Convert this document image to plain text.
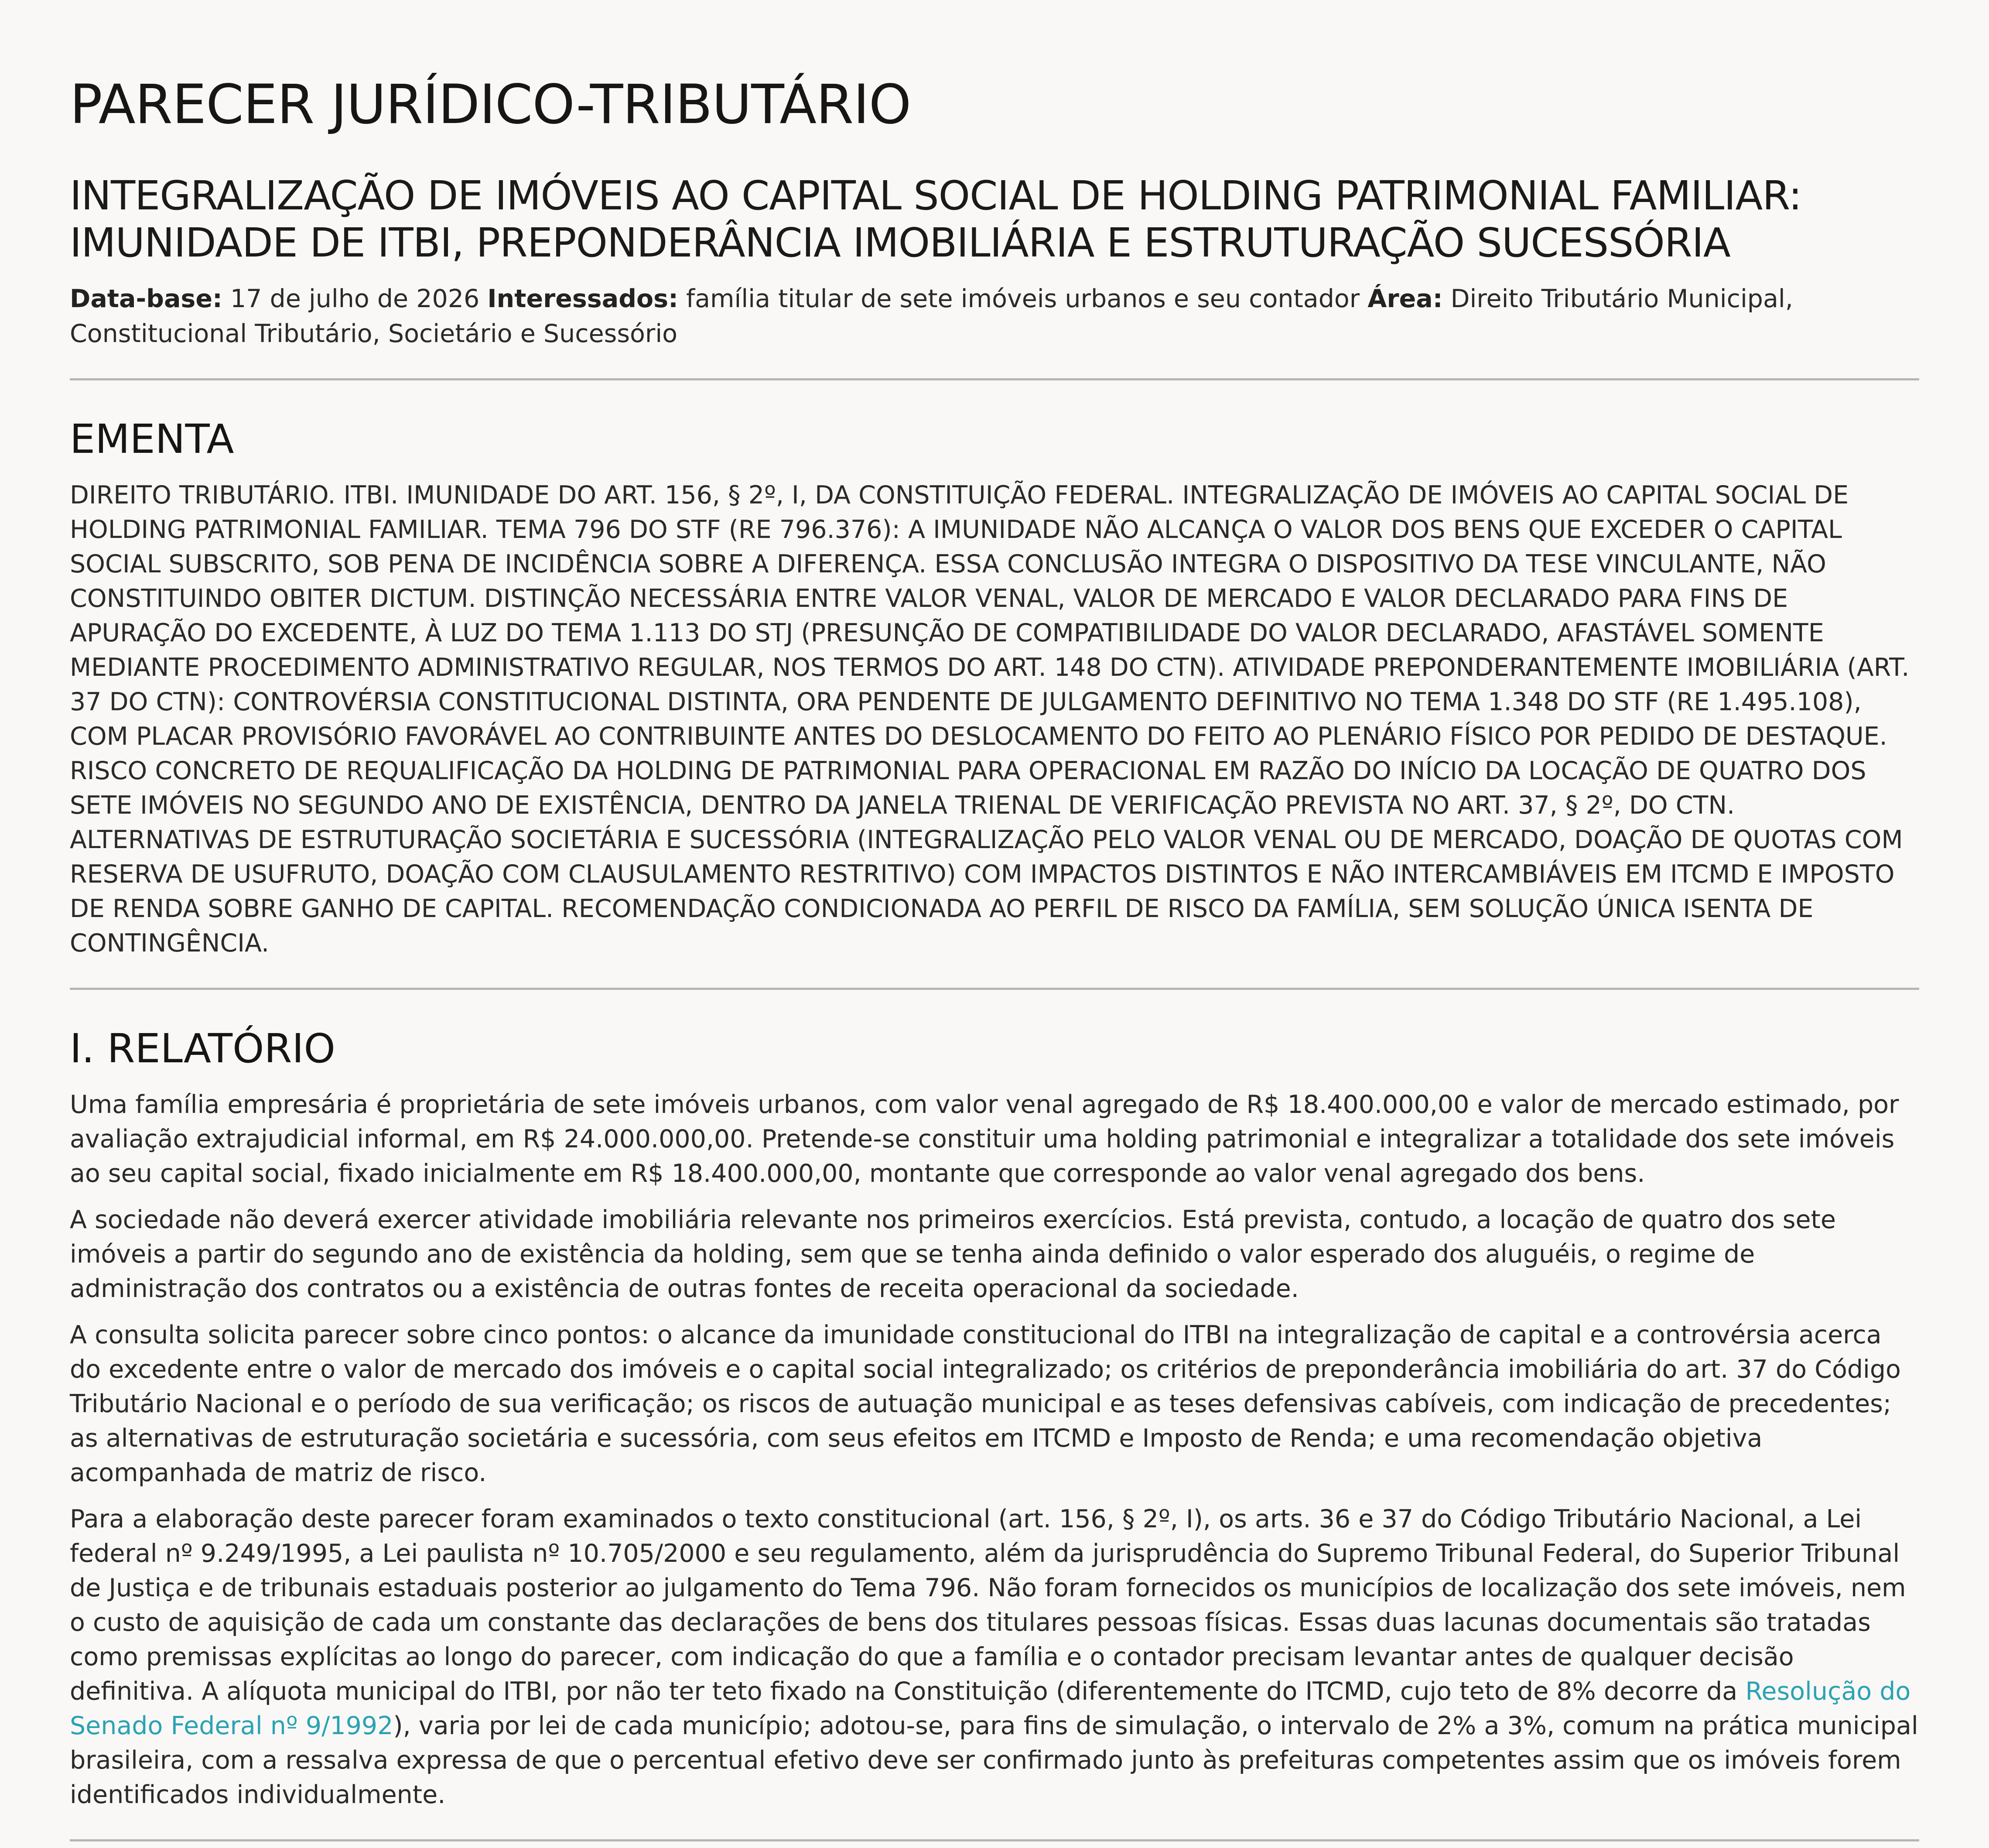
PARECER JURÍDICO-TRIBUTÁRIO
INTEGRALIZAÇÃO DE IMÓVEIS AO CAPITAL SOCIAL DE HOLDING PATRIMONIAL FAMILIAR:
IMUNIDADE DE ITBI, PREPONDERÂNCIA IMOBILIÁRIA E ESTRUTURAÇÃO SUCESSÓRIA

Data-base: 17 de julho de 2026 Interessados: família titular de sete imóveis urbanos e seu contador Área: Direito Tributário Municipal, Constitucional Tributário, Societário e Sucessório

EMENTA

DIREITO TRIBUTÁRIO. ITBI. IMUNIDADE DO ART. 156, § 2º, I, DA CONSTITUIÇÃO FEDERAL. INTEGRALIZAÇÃO DE IMÓVEIS AO CAPITAL SOCIAL DE HOLDING PATRIMONIAL FAMILIAR. TEMA 796 DO STF (RE 796.376): A IMUNIDADE NÃO ALCANÇA O VALOR DOS BENS QUE EXCEDER O CAPITAL SOCIAL SUBSCRITO, SOB PENA DE INCIDÊNCIA SOBRE A DIFERENÇA. ESSA CONCLUSÃO INTEGRA O DISPOSITIVO DA TESE VINCULANTE, NÃO CONSTITUINDO OBITER DICTUM. DISTINÇÃO NECESSÁRIA ENTRE VALOR VENAL, VALOR DE MERCADO E VALOR DECLARADO PARA FINS DE APURAÇÃO DO EXCEDENTE, À LUZ DO TEMA 1.113 DO STJ (PRESUNÇÃO DE COMPATIBILIDADE DO VALOR DECLARADO, AFASTÁVEL SOMENTE MEDIANTE PROCEDIMENTO ADMINISTRATIVO REGULAR, NOS TERMOS DO ART. 148 DO CTN). ATIVIDADE PREPONDERANTEMENTE IMOBILIÁRIA (ART. 37 DO CTN): CONTROVÉRSIA CONSTITUCIONAL DISTINTA, ORA PENDENTE DE JULGAMENTO DEFINITIVO NO TEMA 1.348 DO STF (RE 1.495.108), COM PLACAR PROVISÓRIO FAVORÁVEL AO CONTRIBUINTE ANTES DO DESLOCAMENTO DO FEITO AO PLENÁRIO FÍSICO POR PEDIDO DE DESTAQUE. RISCO CONCRETO DE REQUALIFICAÇÃO DA HOLDING DE PATRIMONIAL PARA OPERACIONAL EM RAZÃO DO INÍCIO DA LOCAÇÃO DE QUATRO DOS SETE IMÓVEIS NO SEGUNDO ANO DE EXISTÊNCIA, DENTRO DA JANELA TRIENAL DE VERIFICAÇÃO PREVISTA NO ART. 37, § 2º, DO CTN. ALTERNATIVAS DE ESTRUTURAÇÃO SOCIETÁRIA E SUCESSÓRIA (INTEGRALIZAÇÃO PELO VALOR VENAL OU DE MERCADO, DOAÇÃO DE QUOTAS COM RESERVA DE USUFRUTO, DOAÇÃO COM CLAUSULAMENTO RESTRITIVO) COM IMPACTOS DISTINTOS E NÃO INTERCAMBIÁVEIS EM ITCMD E IMPOSTO DE RENDA SOBRE GANHO DE CAPITAL. RECOMENDAÇÃO CONDICIONADA AO PERFIL DE RISCO DA FAMÍLIA, SEM SOLUÇÃO ÚNICA ISENTA DE CONTINGÊNCIA.

I. RELATÓRIO

Uma família empresária é proprietária de sete imóveis urbanos, com valor venal agregado de R$ 18.400.000,00 e valor de mercado estimado, por avaliação extrajudicial informal, em R$ 24.000.000,00. Pretende-se constituir uma holding patrimonial e integralizar a totalidade dos sete imóveis ao seu capital social, fixado inicialmente em R$ 18.400.000,00, montante que corresponde ao valor venal agregado dos bens.

A sociedade não deverá exercer atividade imobiliária relevante nos primeiros exercícios. Está prevista, contudo, a locação de quatro dos sete imóveis a partir do segundo ano de existência da holding, sem que se tenha ainda definido o valor esperado dos aluguéis, o regime de administração dos contratos ou a existência de outras fontes de receita operacional da sociedade.

A consulta solicita parecer sobre cinco pontos: o alcance da imunidade constitucional do ITBI na integralização de capital e a controvérsia acerca do excedente entre o valor de mercado dos imóveis e o capital social integralizado; os critérios de preponderância imobiliária do art. 37 do Código Tributário Nacional e o período de sua verificação; os riscos de autuação municipal e as teses defensivas cabíveis, com indicação de precedentes; as alternativas de estruturação societária e sucessória, com seus efeitos em ITCMD e Imposto de Renda; e uma recomendação objetiva acompanhada de matriz de risco.

Para a elaboração deste parecer foram examinados o texto constitucional (art. 156, § 2º, I), os arts. 36 e 37 do Código Tributário Nacional, a Lei federal nº 9.249/1995, a Lei paulista nº 10.705/2000 e seu regulamento, além da jurisprudência do Supremo Tribunal Federal, do Superior Tribunal de Justiça e de tribunais estaduais posterior ao julgamento do Tema 796. Não foram fornecidos os municípios de localização dos sete imóveis, nem o custo de aquisição de cada um constante das declarações de bens dos titulares pessoas físicas. Essas duas lacunas documentais são tratadas como premissas explícitas ao longo do parecer, com indicação do que a família e o contador precisam levantar antes de qualquer decisão definitiva. A alíquota municipal do ITBI, por não ter teto fixado na Constituição (diferentemente do ITCMD, cujo teto de 8% decorre da Resolução do Senado Federal nº 9/1992), varia por lei de cada município; adotou-se, para fins de simulação, o intervalo de 2% a 3%, comum na prática municipal brasileira, com a ressalva expressa de que o percentual efetivo deve ser confirmado junto às prefeituras competentes assim que os imóveis forem identificados individualmente.
